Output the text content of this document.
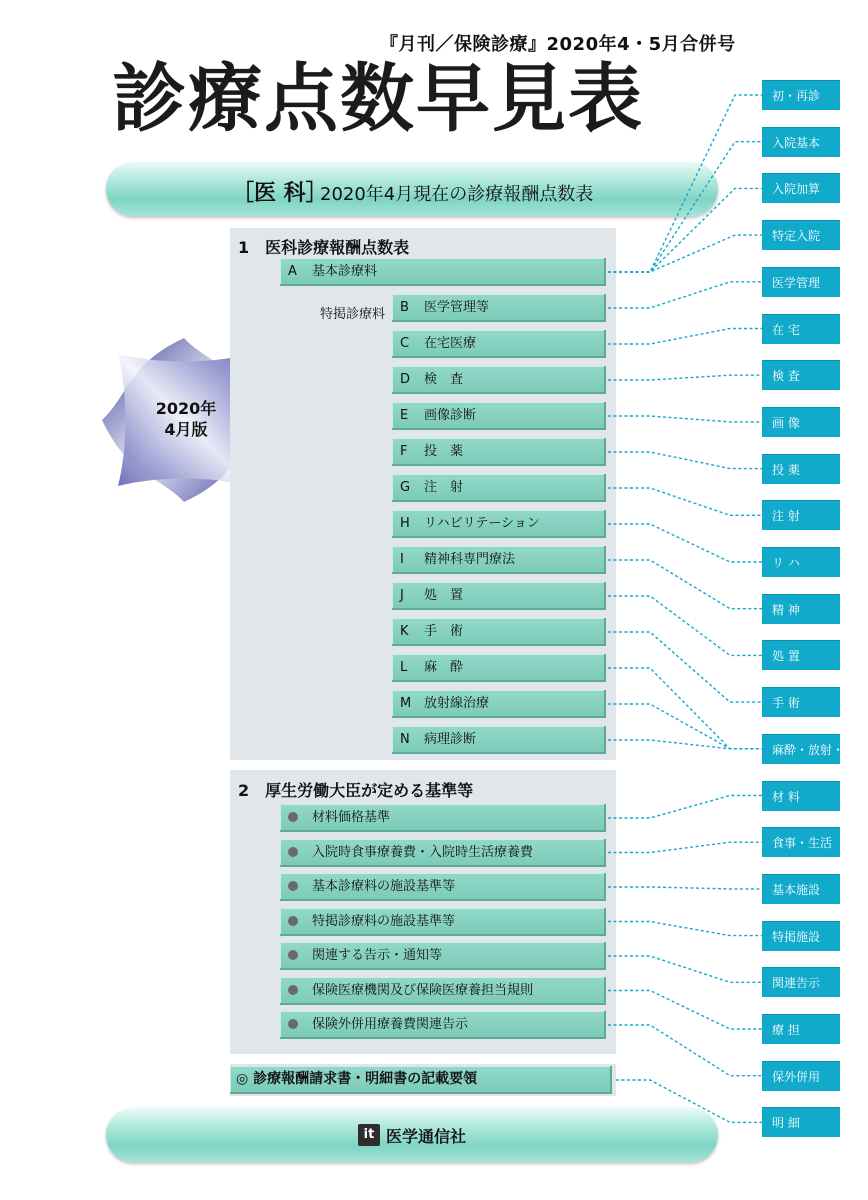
『月刊／保険診療』2020年4・5月合併号
診療点数早見表
［医 科］
2020年4月現在の診療報酬点数表
2020年
4月版
1　医科診療報酬点数表
A 基本診療料
特掲診療料	B 医学管理等
C 在宅医療
D 検　査
E 画像診断
F 投　薬
G 注　射
H リハビリテーション
I 精神科専門療法
J 処　置
K 手　術
L 麻　酔
M 放射線治療
N 病理診断
2　厚生労働大臣が定める基準等
材料価格基準
入院時食事療養費・入院時生活療養費
基本診療料の施設基準等
特掲診療料の施設基準等
関連する告示・通知等
保険医療機関及び保険医療養担当規則
保険外併用療養費関連告示
◎ 診療報酬請求書・明細書の記載要領
it 医学通信社
初・再診
入院基本
入院加算
特定入院
医学管理
在 宅
検 査
画 像
投 薬
注 射
リ ハ
精 神
処 置
手 術
麻酔・放射・病理
材 料
食事・生活
基本施設
特掲施設
関連告示
療 担
保外併用
明 細
